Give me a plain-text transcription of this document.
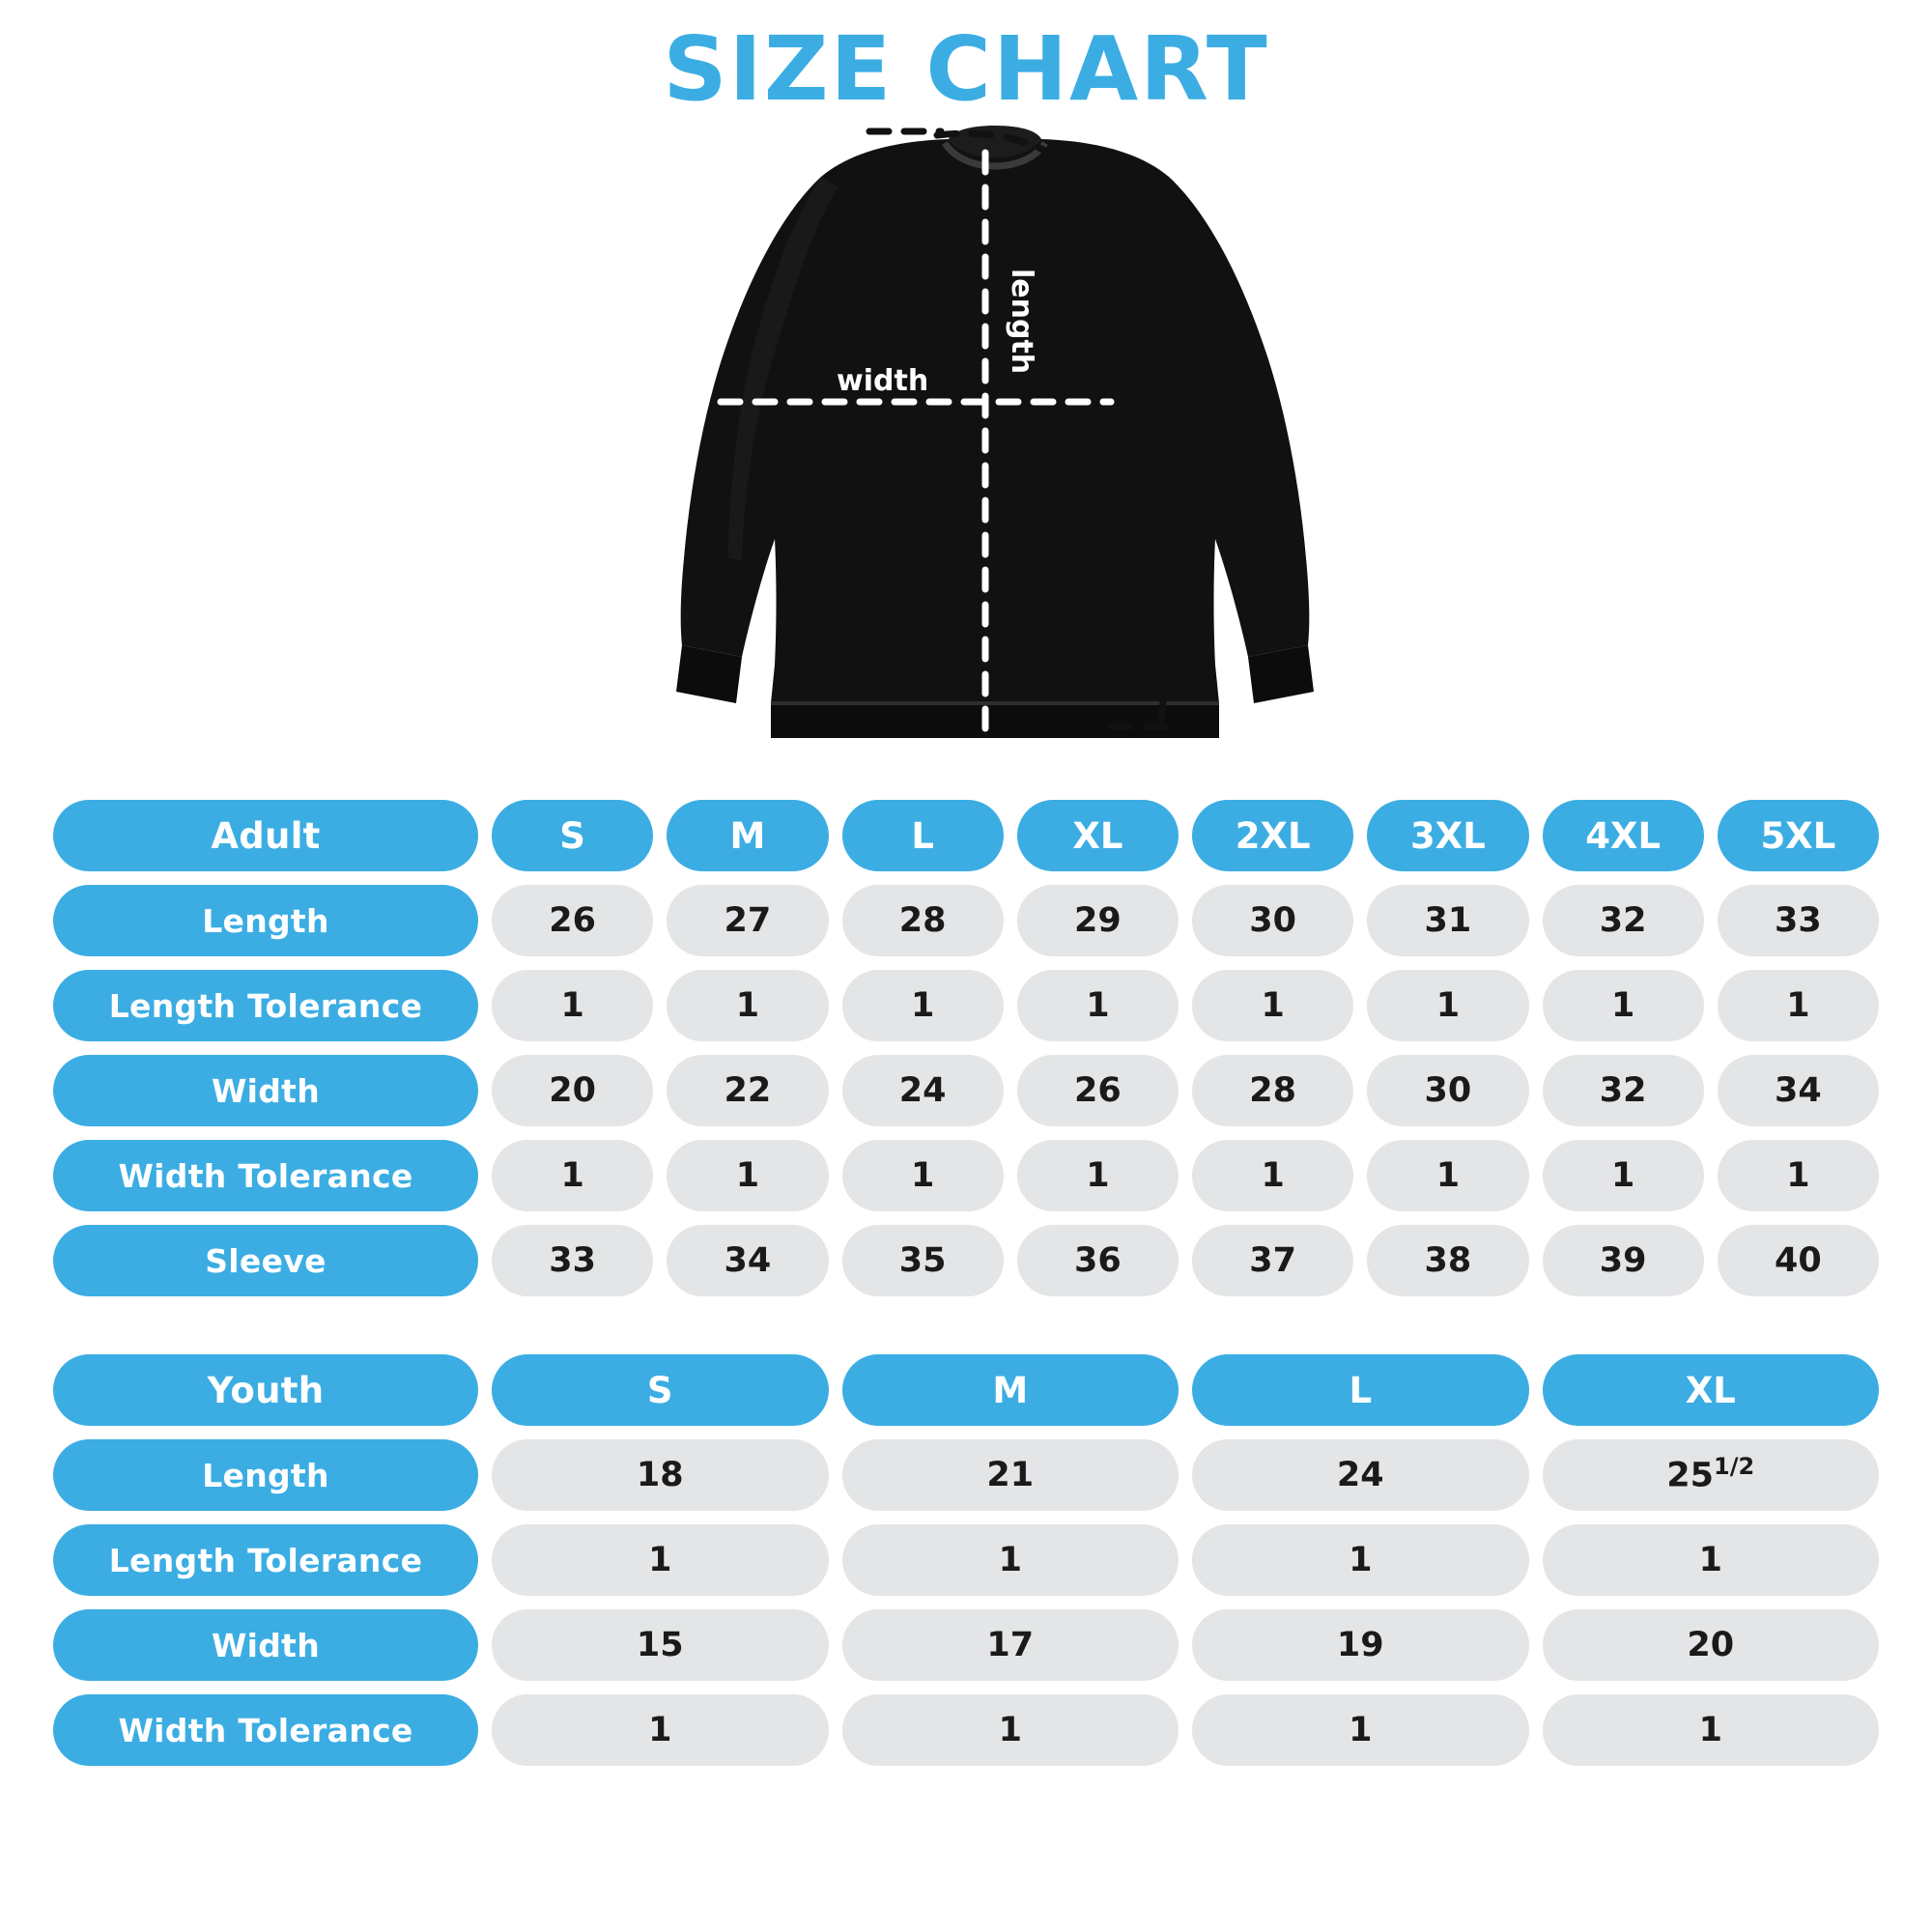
SIZE CHART
width
length	sleeve
Adult	S	M	L	XL	2XL	3XL	4XL	5XL
Length	26	27	28	29	30	31	32	33
Length Tolerance	1	1	1	1	1	1	1	1
Width	20	22	24	26	28	30	32	34
Width Tolerance	1	1	1	1	1	1	1	1
Sleeve	33	34	35	36	37	38	39	40
Youth	S	M	L	XL
Length	18	21	24	$25^{1/2}$
Length Tolerance	1	1	1	1
Width	15	17	19	20
Width Tolerance	1	1	1	1
